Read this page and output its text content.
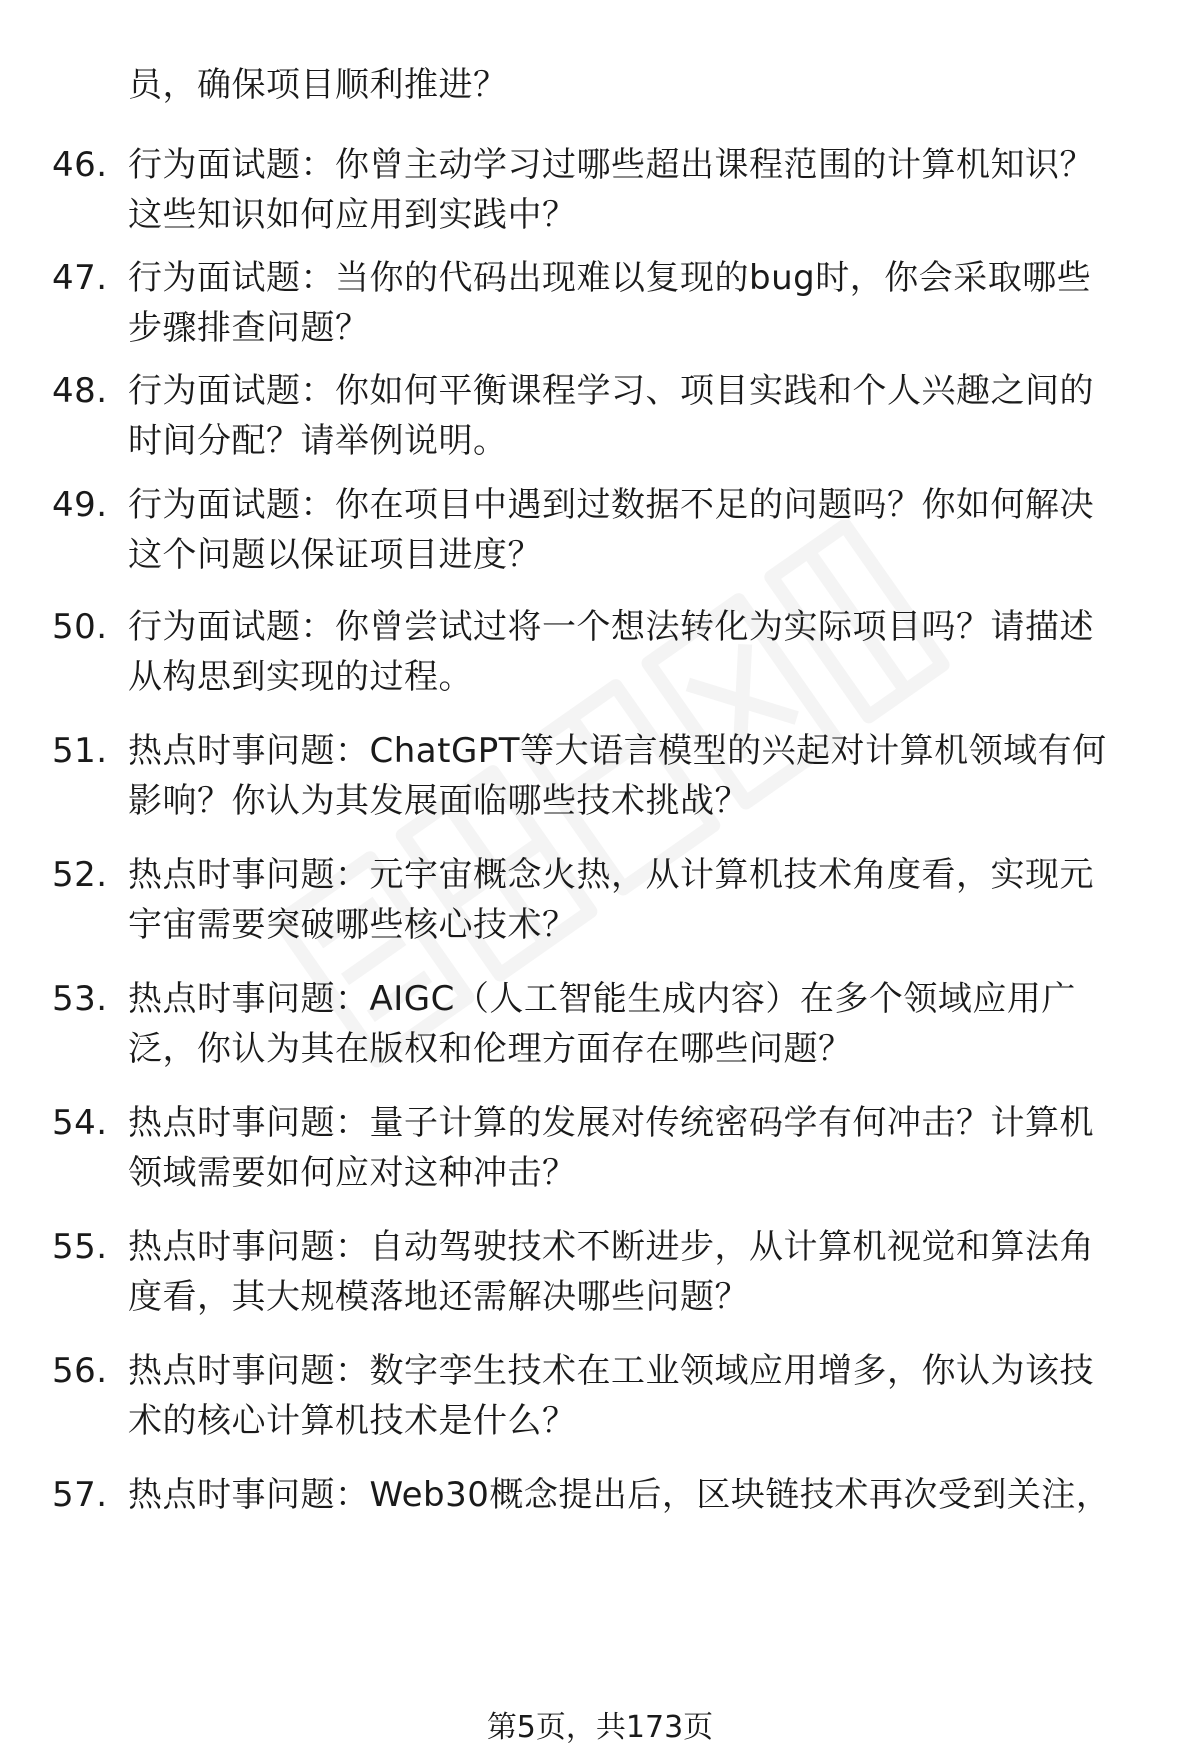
员，确保项目顺利推进？
46. 行为面试题：你曾主动学习过哪些超出课程范围的计算机知识？
这些知识如何应用到实践中？
47. 行为面试题：当你的代码出现难以复现的bug时，你会采取哪些
步骤排查问题？
48. 行为面试题：你如何平衡课程学习、项目实践和个人兴趣之间的
时间分配？请举例说明。
49. 行为面试题：你在项目中遇到过数据不足的问题吗？你如何解决
这个问题以保证项目进度？
50. 行为面试题：你曾尝试过将一个想法转化为实际项目吗？请描述
从构思到实现的过程。
51. 热点时事问题：ChatGPT等大语言模型的兴起对计算机领域有何
影响？你认为其发展面临哪些技术挑战？
52. 热点时事问题：元宇宙概念火热，从计算机技术角度看，实现元
宇宙需要突破哪些核心技术？
53. 热点时事问题：AIGC（人工智能生成内容）在多个领域应用广
泛，你认为其在版权和伦理方面存在哪些问题？
54. 热点时事问题：量子计算的发展对传统密码学有何冲击？计算机
领域需要如何应对这种冲击？
55. 热点时事问题：自动驾驶技术不断进步，从计算机视觉和算法角
度看，其大规模落地还需解决哪些问题？
56. 热点时事问题：数字孪生技术在工业领域应用增多，你认为该技
术的核心计算机技术是什么？
57. 热点时事问题：Web30概念提出后，区块链技术再次受到关注，
第5页，共173页
